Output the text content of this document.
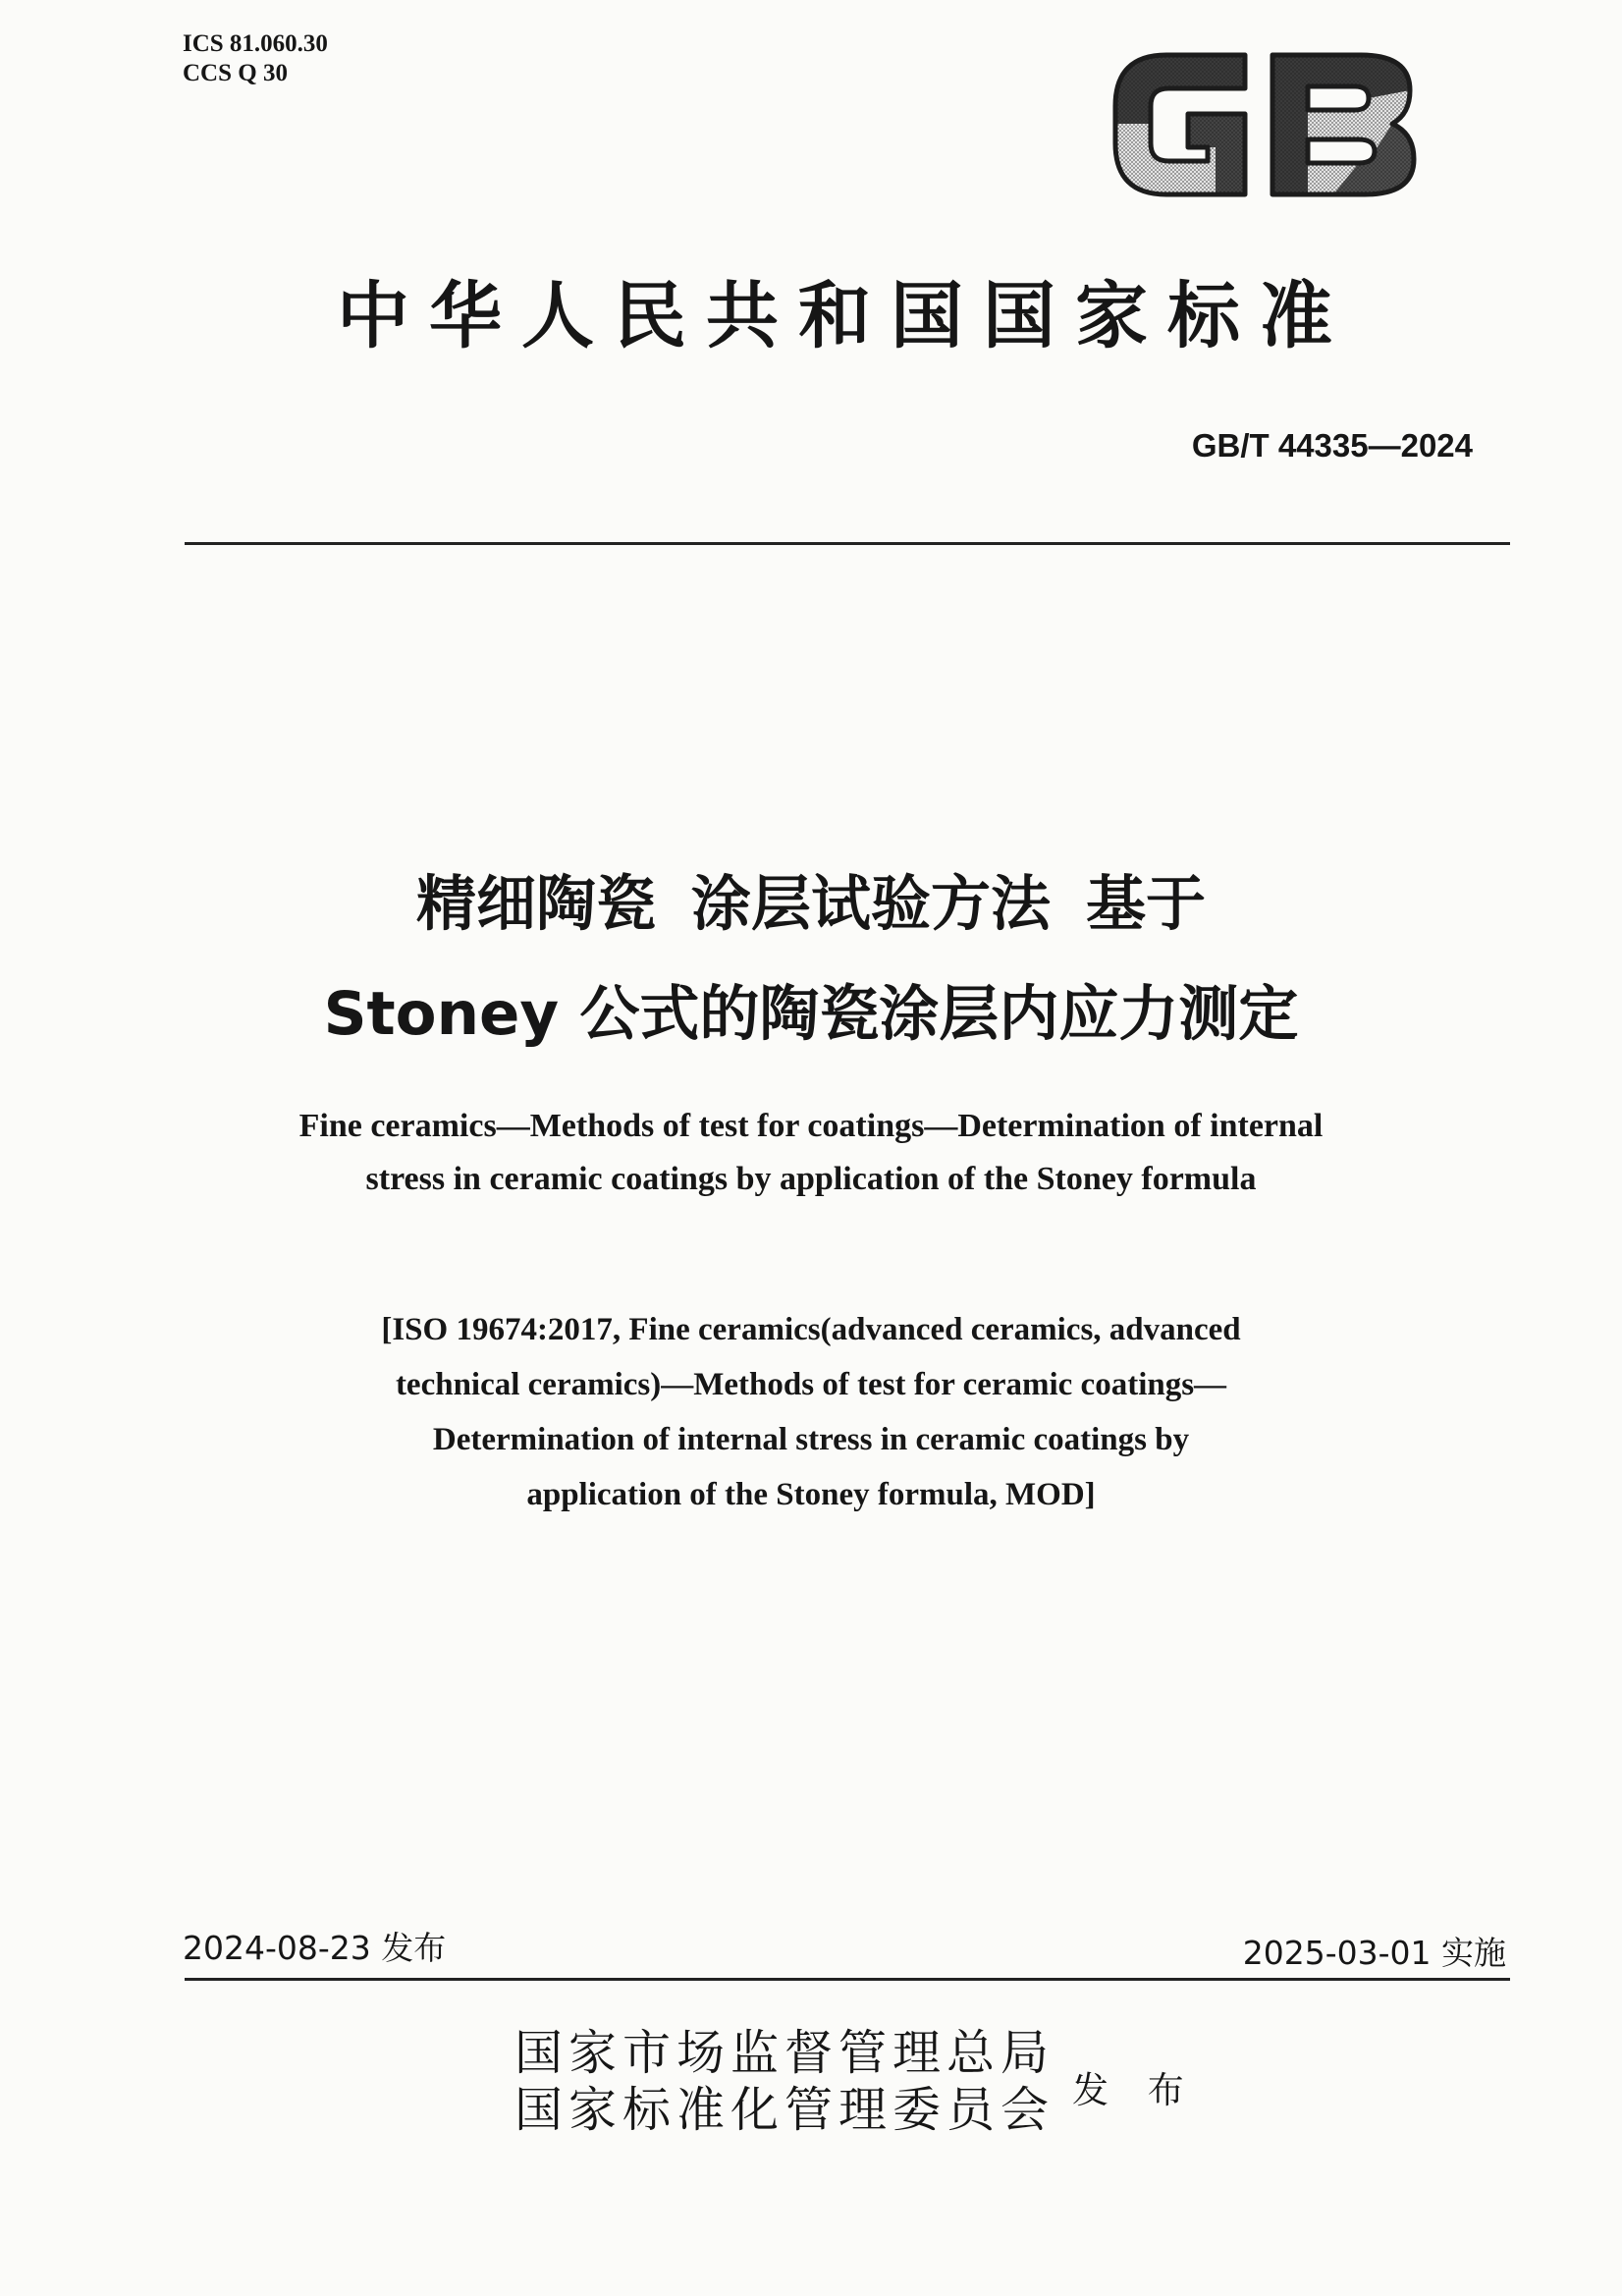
ICS 81.060.30
CCS Q 30
中华人民共和国国家标准
GB/T 44335—2024
精细陶瓷 涂层试验方法 基于
Stoney 公式的陶瓷涂层内应力测定
Fine ceramics—Methods of test for coatings—Determination of internal
stress in ceramic coatings by application of the Stoney formula
[ISO 19674:2017, Fine ceramics(advanced ceramics, advanced
technical ceramics)—Methods of test for ceramic coatings—
Determination of internal stress in ceramic coatings by
application of the Stoney formula, MOD]
2024-08-23 发布	2025-03-01 实施
国家市场监督管理总局
国家标准化管理委员会 发 布
